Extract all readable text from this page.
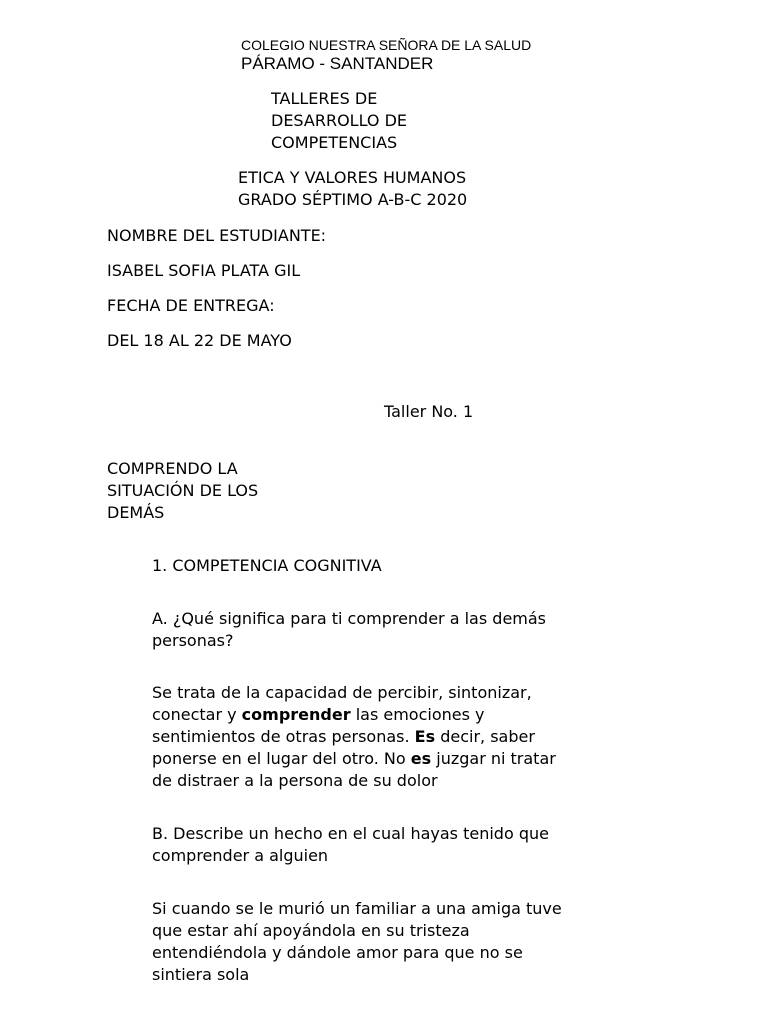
COLEGIO NUESTRA SEÑORA DE LA SALUD
PÁRAMO - SANTANDER
TALLERES DE
DESARROLLO DE
COMPETENCIAS
ETICA Y VALORES HUMANOS
GRADO SÉPTIMO A-B-C 2020
NOMBRE DEL ESTUDIANTE:
ISABEL SOFIA PLATA GIL
FECHA DE ENTREGA:
DEL 18 AL 22 DE MAYO
Taller No. 1
COMPRENDO LA
SITUACIÓN DE LOS
DEMÁS
1. COMPETENCIA COGNITIVA
A. ¿Qué significa para ti comprender a las demás
personas?
Se trata de la capacidad de percibir, sintonizar,
conectar y comprender las emociones y
sentimientos de otras personas. Es decir, saber
ponerse en el lugar del otro. No es juzgar ni tratar
de distraer a la persona de su dolor
B. Describe un hecho en el cual hayas tenido que
comprender a alguien
Si cuando se le murió un familiar a una amiga tuve
que estar ahí apoyándola en su tristeza
entendiéndola y dándole amor para que no se
sintiera sola
